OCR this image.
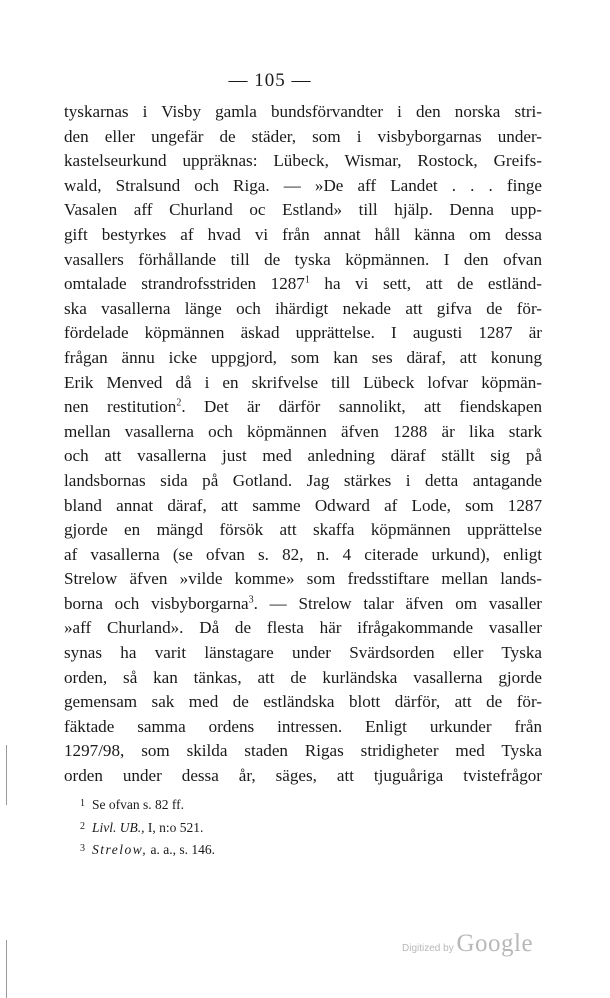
— 105 —
tyskarnas i Visby gamla bundsförvandter i den norska stri-
den eller ungefär de städer, som i visbyborgarnas under-
kastelseurkund uppräknas: Lübeck, Wismar, Rostock, Greifs-
wald, Stralsund och Riga. — »De aff Landet . . . finge
Vasalen aff Churland oc Estland» till hjälp. Denna upp-
gift bestyrkes af hvad vi från annat håll känna om dessa
vasallers förhållande till de tyska köpmännen. I den ofvan
omtalade strandrofsstriden 1287$^1$ ha vi sett, att de estländ-
ska vasallerna länge och ihärdigt nekade att gifva de för-
fördelade köpmännen äskad upprättelse. I augusti 1287 är
frågan ännu icke uppgjord, som kan ses däraf, att konung
Erik Menved då i en skrifvelse till Lübeck lofvar köpmän-
nen restitution$^2$. Det är därför sannolikt, att fiendskapen
mellan vasallerna och köpmännen äfven 1288 är lika stark
och att vasallerna just med anledning däraf ställt sig på
landsbornas sida på Gotland. Jag stärkes i detta antagande
bland annat däraf, att samme Odward af Lode, som 1287
gjorde en mängd försök att skaffa köpmännen upprättelse
af vasallerna (se ofvan s. 82, n. 4 citerade urkund), enligt
Strelow äfven »vilde komme» som fredsstiftare mellan lands-
borna och visbyborgarna$^3$. — Strelow talar äfven om vasaller
»aff Churland». Då de flesta här ifrågakommande vasaller
synas ha varit länstagare under Svärdsorden eller Tyska
orden, så kan tänkas, att de kurländska vasallerna gjorde
gemensam sak med de estländska blott därför, att de för-
fäktade samma ordens intressen. Enligt urkunder från
1297/98, som skilda staden Rigas stridigheter med Tyska
orden under dessa år, säges, att tjuguåriga tvistefrågor
1 Se ofvan s. 82 ff.
2 Livl. UB., I, n:o 521.
3 Strelow, a. a., s. 146.
Digitized by Google
